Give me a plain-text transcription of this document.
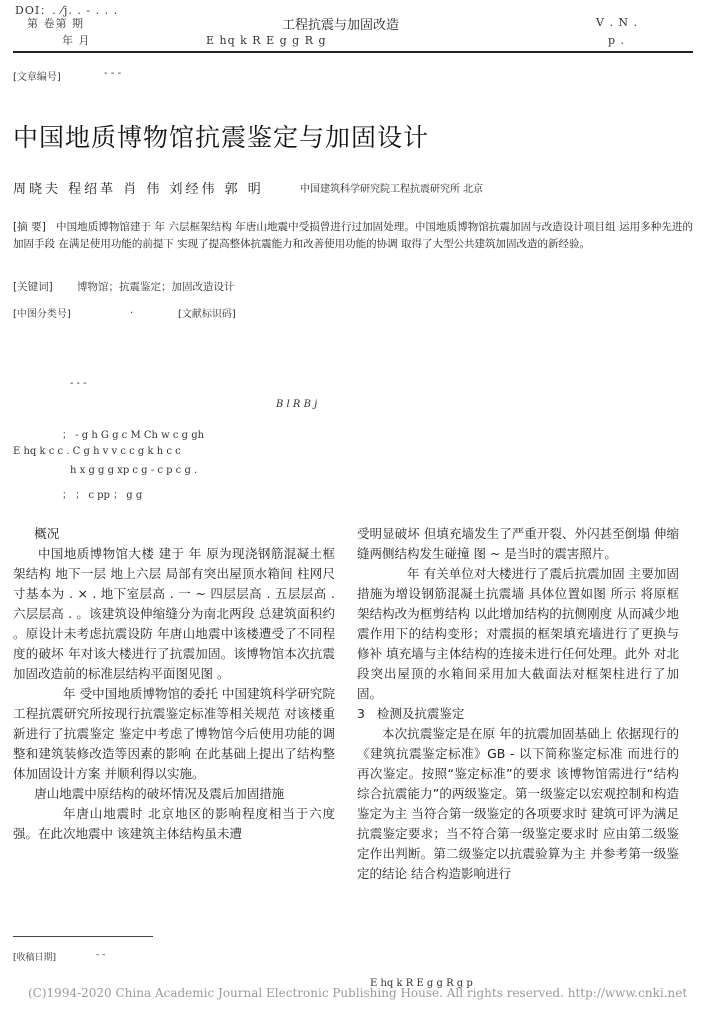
DOI：. ⁄j. . ‐ . . .
第 卷第 期
年 月
工程抗震与加固改造
E hq k R E g g R g
V . N .
p .
[文章编号]	‐ ‐ ‐
中国地质博物馆抗震鉴定与加固设计
周晓夫 程绍革 肖 伟 刘经伟 郭 明	中国建筑科学研究院工程抗震研究所 北京
[摘 要] 中国地质博物馆建于 年 六层框架结构 年唐山地震中受损曾进行过加固处理。中国地质博物馆抗震加固与改造设计项目组 运用多种先进的加固手段 在满足使用功能的前提下 实现了提高整体抗震能力和改善使用功能的协调 取得了大型公共建筑加固改造的新经验。
[关键词] 博物馆；抗震鉴定；加固改造设计
[中图分类号]	.	[文献标识码]
‐ ‐ ‐
B l R B j
； ‐ g h G g c M Ch w c g gh
E hq k c c . C g h v v c c g k h c c
h x g g g xp c g ‐ c p c g .
； ； c pp ； g g

概况

中国地质博物馆大楼 建于 年 原为现浇钢筋混凝土框架结构 地下一层 地上六层 局部有突出屋顶水箱间 柱网尺寸基本为 . × . 地下室层高 . 一 ~ 四层层高 . 五层层高 . 六层层高 . 。该建筑设伸缩缝分为南北两段 总建筑面积约 。原设计未考虑抗震设防 年唐山地震中该楼遭受了不同程度的破坏 年对该大楼进行了抗震加固。该博物馆本次抗震加固改造前的标准层结构平面图见图 。

年 受中国地质博物馆的委托 中国建筑科学研究院工程抗震研究所按现行抗震鉴定标准等相关规范 对该楼重新进行了抗震鉴定 鉴定中考虑了博物馆今后使用功能的调整和建筑装修改造等因素的影响 在此基础上提出了结构整体加固设计方案 并顺利得以实施。

唐山地震中原结构的破坏情况及震后加固措施

年唐山地震时 北京地区的影响程度相当于六度强。在此次地震中 该建筑主体结构虽未遭

受明显破坏 但填充墙发生了严重开裂、外闪甚至倒塌 伸缩缝两侧结构发生碰撞 图 ~ 是当时的震害照片。

年 有关单位对大楼进行了震后抗震加固 主要加固措施为增设钢筋混凝土抗震墙 具体位置如图 所示 将原框架结构改为框剪结构 以此增加结构的抗侧刚度 从而减少地震作用下的结构变形；对震损的框架填充墙进行了更换与修补 填充墙与主体结构的连接未进行任何处理。此外 对北段突出屋顶的水箱间采用加大截面法对框架柱进行了加固。

3 检测及抗震鉴定

本次抗震鉴定是在原 年的抗震加固基础上 依据现行的《建筑抗震鉴定标准》GB ‐ 以下简称鉴定标准 而进行的再次鉴定。按照“鉴定标准”的要求 该博物馆需进行“结构综合抗震能力”的两级鉴定。第一级鉴定以宏观控制和构造鉴定为主 当符合第一级鉴定的各项要求时 建筑可评为满足抗震鉴定要求；当不符合第一级鉴定要求时 应由第二级鉴定作出判断。第二级鉴定以抗震验算为主 并参考第一级鉴定的结论 结合构造影响进行

[收稿日期]	‐ ‐
E hq k R E g g R g p
(C)1994-2020 China Academic Journal Electronic Publishing House. All rights reserved. http://www.cnki.net
